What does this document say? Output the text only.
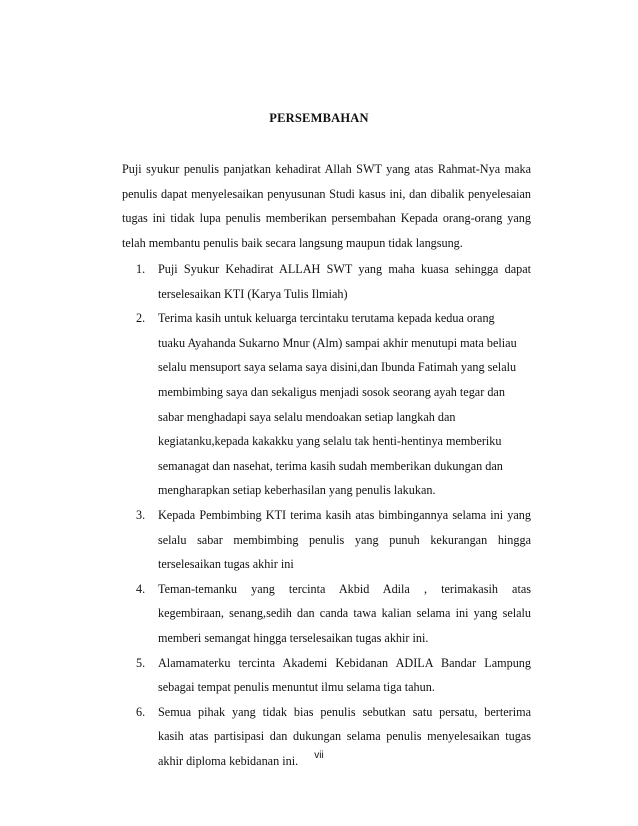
PERSEMBAHAN
Puji syukur penulis panjatkan kehadirat Allah SWT yang atas Rahmat-Nya maka
penulis dapat menyelesaikan penyusunan Studi kasus ini, dan dibalik penyelesaian
tugas ini tidak lupa penulis memberikan persembahan Kepada orang-orang yang
telah membantu penulis baik secara langsung maupun tidak langsung.
1. Puji Syukur Kehadirat ALLAH SWT yang maha kuasa sehingga dapat
terselesaikan KTI (Karya Tulis Ilmiah)
2. Terima kasih untuk keluarga tercintaku terutama kepada kedua orang
tuaku Ayahanda Sukarno Mnur (Alm) sampai akhir menutupi mata beliau
selalu mensuport saya selama saya disini,dan Ibunda Fatimah yang selalu
membimbing saya dan sekaligus menjadi sosok seorang ayah tegar dan
sabar menghadapi saya selalu mendoakan setiap langkah dan
kegiatanku,kepada kakakku yang selalu tak henti-hentinya memberiku
semanagat dan nasehat, terima kasih sudah memberikan dukungan dan
mengharapkan setiap keberhasilan yang penulis lakukan.
3. Kepada Pembimbing KTI terima kasih atas bimbingannya selama ini yang
selalu sabar membimbing penulis yang punuh kekurangan hingga
terselesaikan tugas akhir ini
4. Teman-temanku yang tercinta Akbid Adila , terimakasih atas
kegembiraan, senang,sedih dan canda tawa kalian selama ini yang selalu
memberi semangat hingga terselesaikan tugas akhir ini.
5. Alamamaterku tercinta Akademi Kebidanan ADILA Bandar Lampung
sebagai tempat penulis menuntut ilmu selama tiga tahun.
6. Semua pihak yang tidak bias penulis sebutkan satu persatu, berterima
kasih atas partisipasi dan dukungan selama penulis menyelesaikan tugas
akhir diploma kebidanan ini.	vii
